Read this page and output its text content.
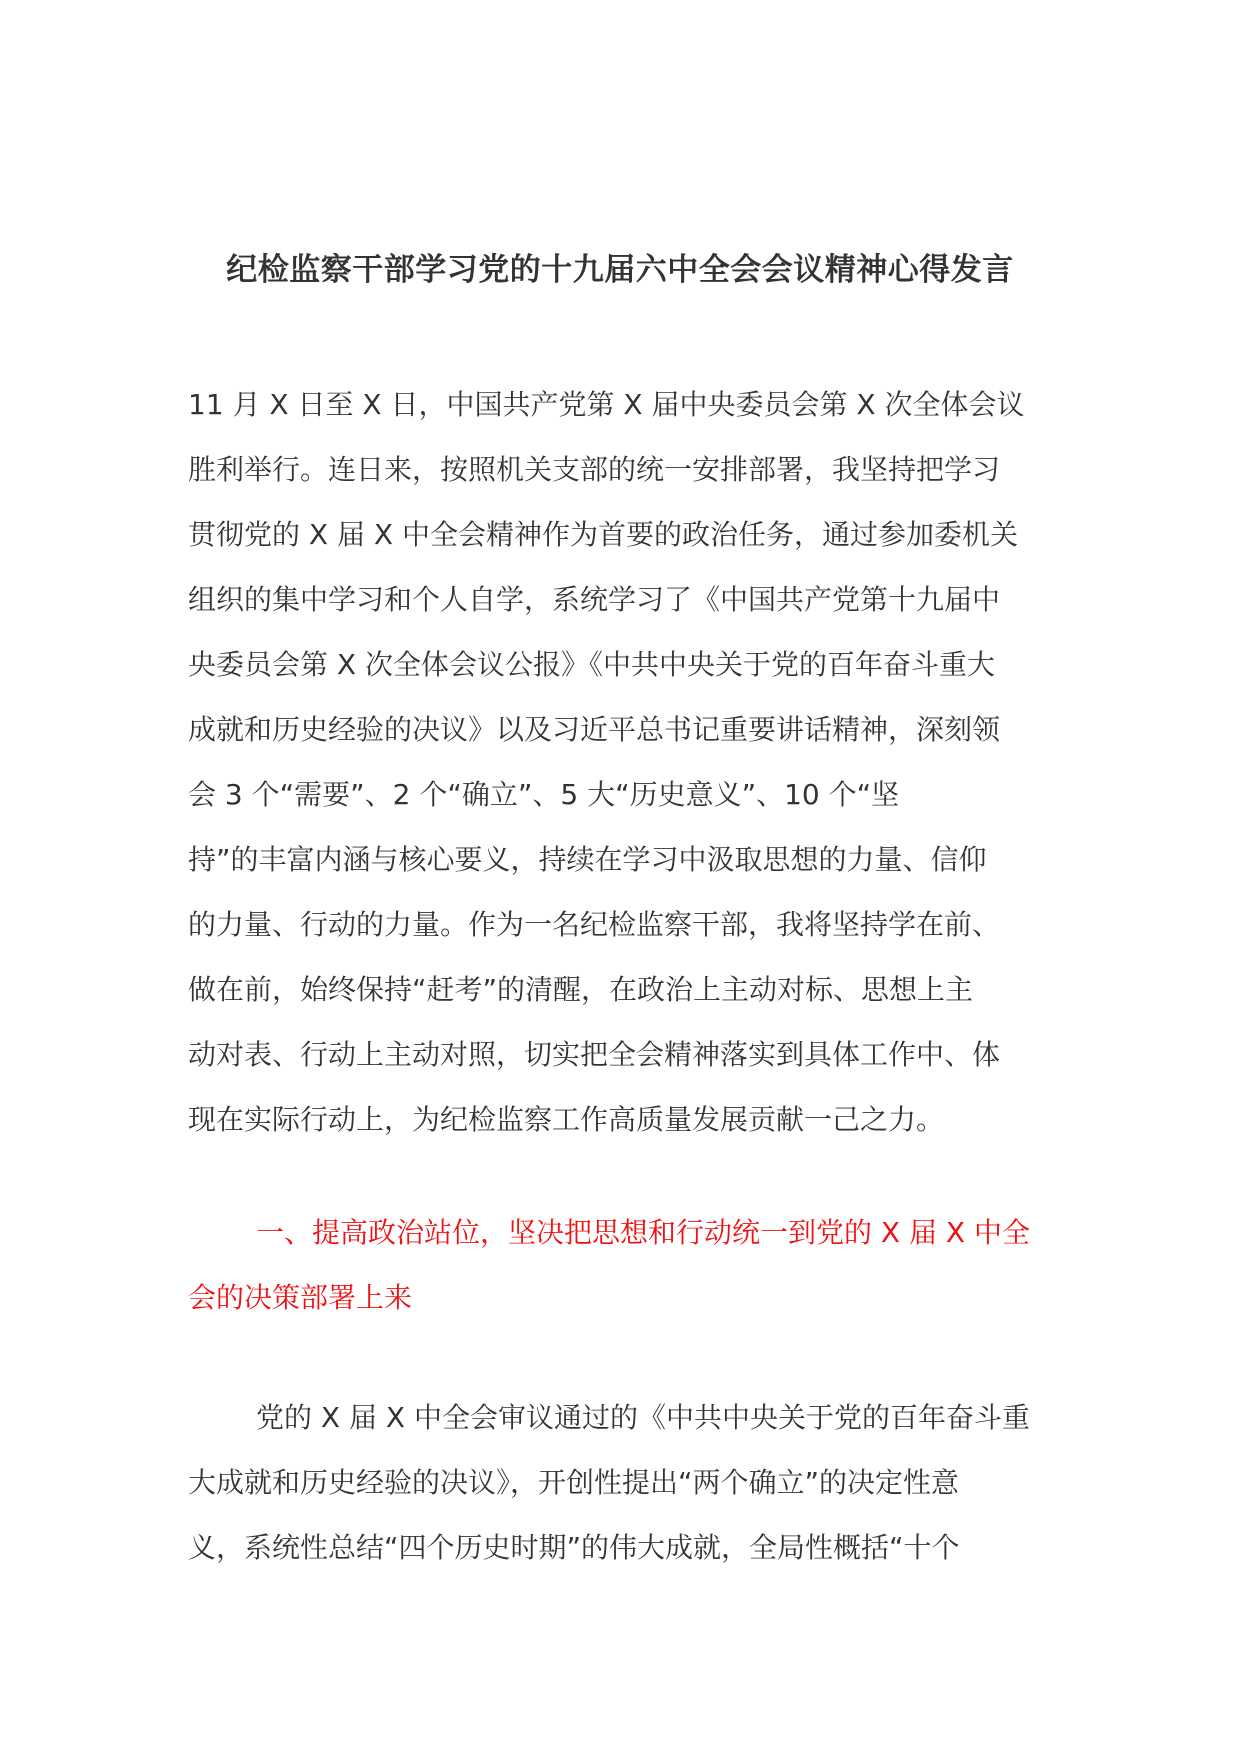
纪检监察干部学习党的十九届六中全会会议精神心得发言
11 月 X 日至 X 日，中国共产党第 X 届中央委员会第 X 次全体会议
胜利举行。连日来，按照机关支部的统一安排部署，我坚持把学习
贯彻党的 X 届 X 中全会精神作为首要的政治任务，通过参加委机关
组织的集中学习和个人自学，系统学习了《中国共产党第十九届中
央委员会第 X 次全体会议公报》《中共中央关于党的百年奋斗重大
成就和历史经验的决议》以及习近平总书记重要讲话精神，深刻领
会 3 个“需要”、2 个“确立”、5 大“历史意义”、10 个“坚
持”的丰富内涵与核心要义，持续在学习中汲取思想的力量、信仰
的力量、行动的力量。作为一名纪检监察干部，我将坚持学在前、
做在前，始终保持“赶考”的清醒，在政治上主动对标、思想上主
动对表、行动上主动对照，切实把全会精神落实到具体工作中、体
现在实际行动上，为纪检监察工作高质量发展贡献一己之力。
一、提高政治站位，坚决把思想和行动统一到党的 X 届 X 中全
会的决策部署上来
党的 X 届 X 中全会审议通过的《中共中央关于党的百年奋斗重
大成就和历史经验的决议》，开创性提出“两个确立”的决定性意
义，系统性总结“四个历史时期”的伟大成就，全局性概括“十个
